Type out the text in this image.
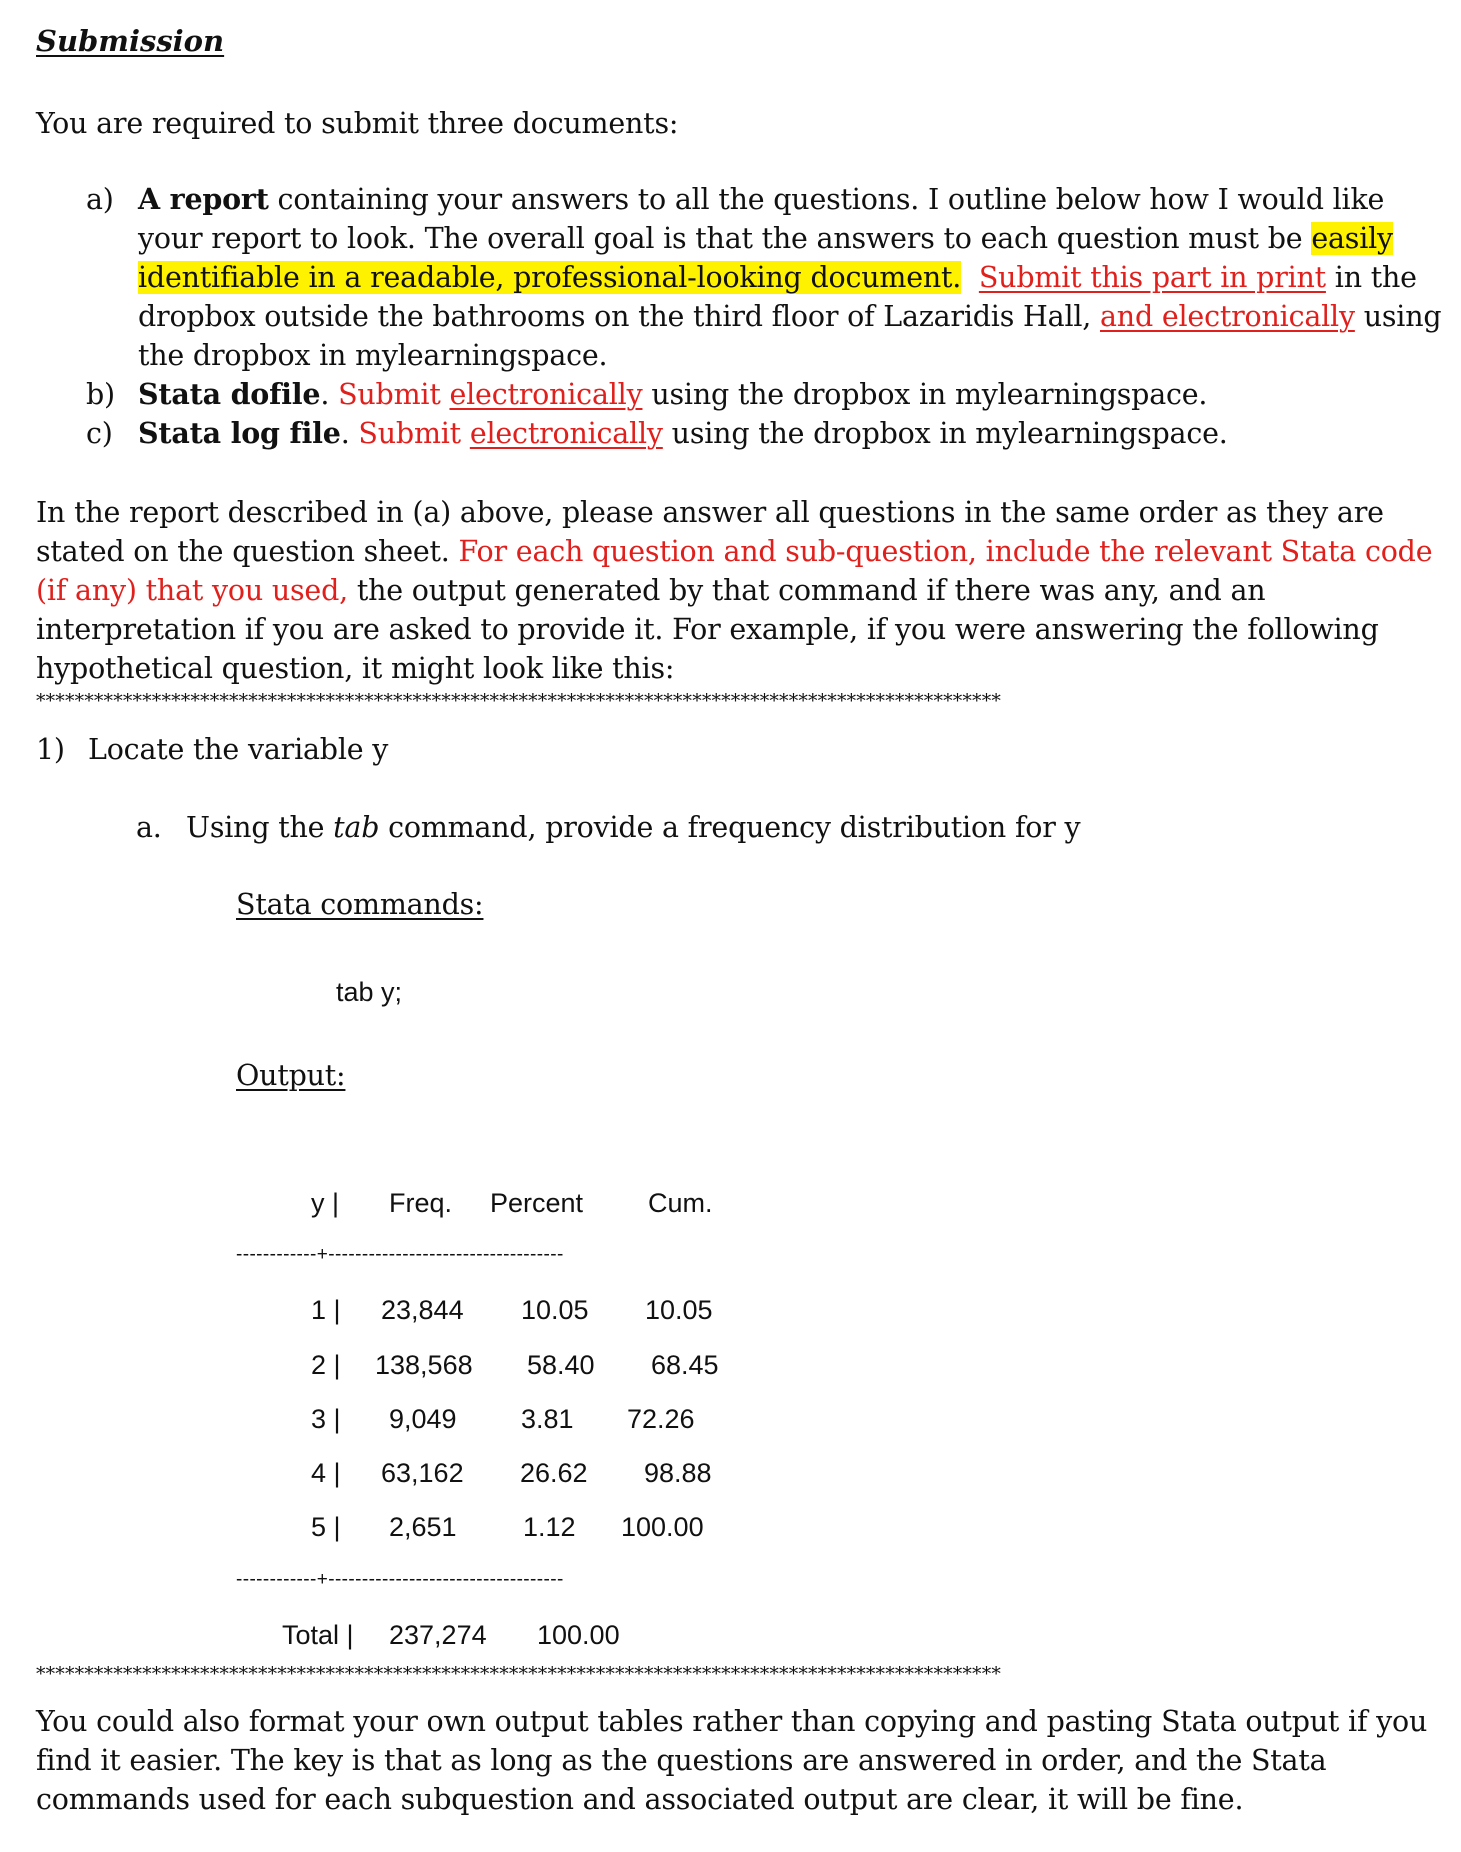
Submission
You are required to submit three documents:
a) A report containing your answers to all the questions. I outline below how I would like
your report to look. The overall goal is that the answers to each question must be easily
identifiable in a readable, professional-looking document. Submit this part in print in the
dropbox outside the bathrooms on the third floor of Lazaridis Hall, and electronically using
the dropbox in mylearningspace.
b) Stata dofile. Submit electronically using the dropbox in mylearningspace.
c) Stata log file. Submit electronically using the dropbox in mylearningspace.
In the report described in (a) above, please answer all questions in the same order as they are
stated on the question sheet. For each question and sub-question, include the relevant Stata code
(if any) that you used, the output generated by that command if there was any, and an
interpretation if you are asked to provide it. For example, if you were answering the following
hypothetical question, it might look like this:
****************************************************************************************************
1) Locate the variable y
a. Using the tab command, provide a frequency distribution for y
Stata commands:
tab y;
Output:
y | Freq. Percent Cum.
------------+-----------------------------------
1 | 23,844 10.05 10.05
2 | 138,568 58.40 68.45
3 | 9,049 3.81 72.26
4 | 63,162 26.62 98.88
5 | 2,651 1.12 100.00
------------+-----------------------------------
Total | 237,274 100.00
****************************************************************************************************
You could also format your own output tables rather than copying and pasting Stata output if you
find it easier. The key is that as long as the questions are answered in order, and the Stata
commands used for each subquestion and associated output are clear, it will be fine.
